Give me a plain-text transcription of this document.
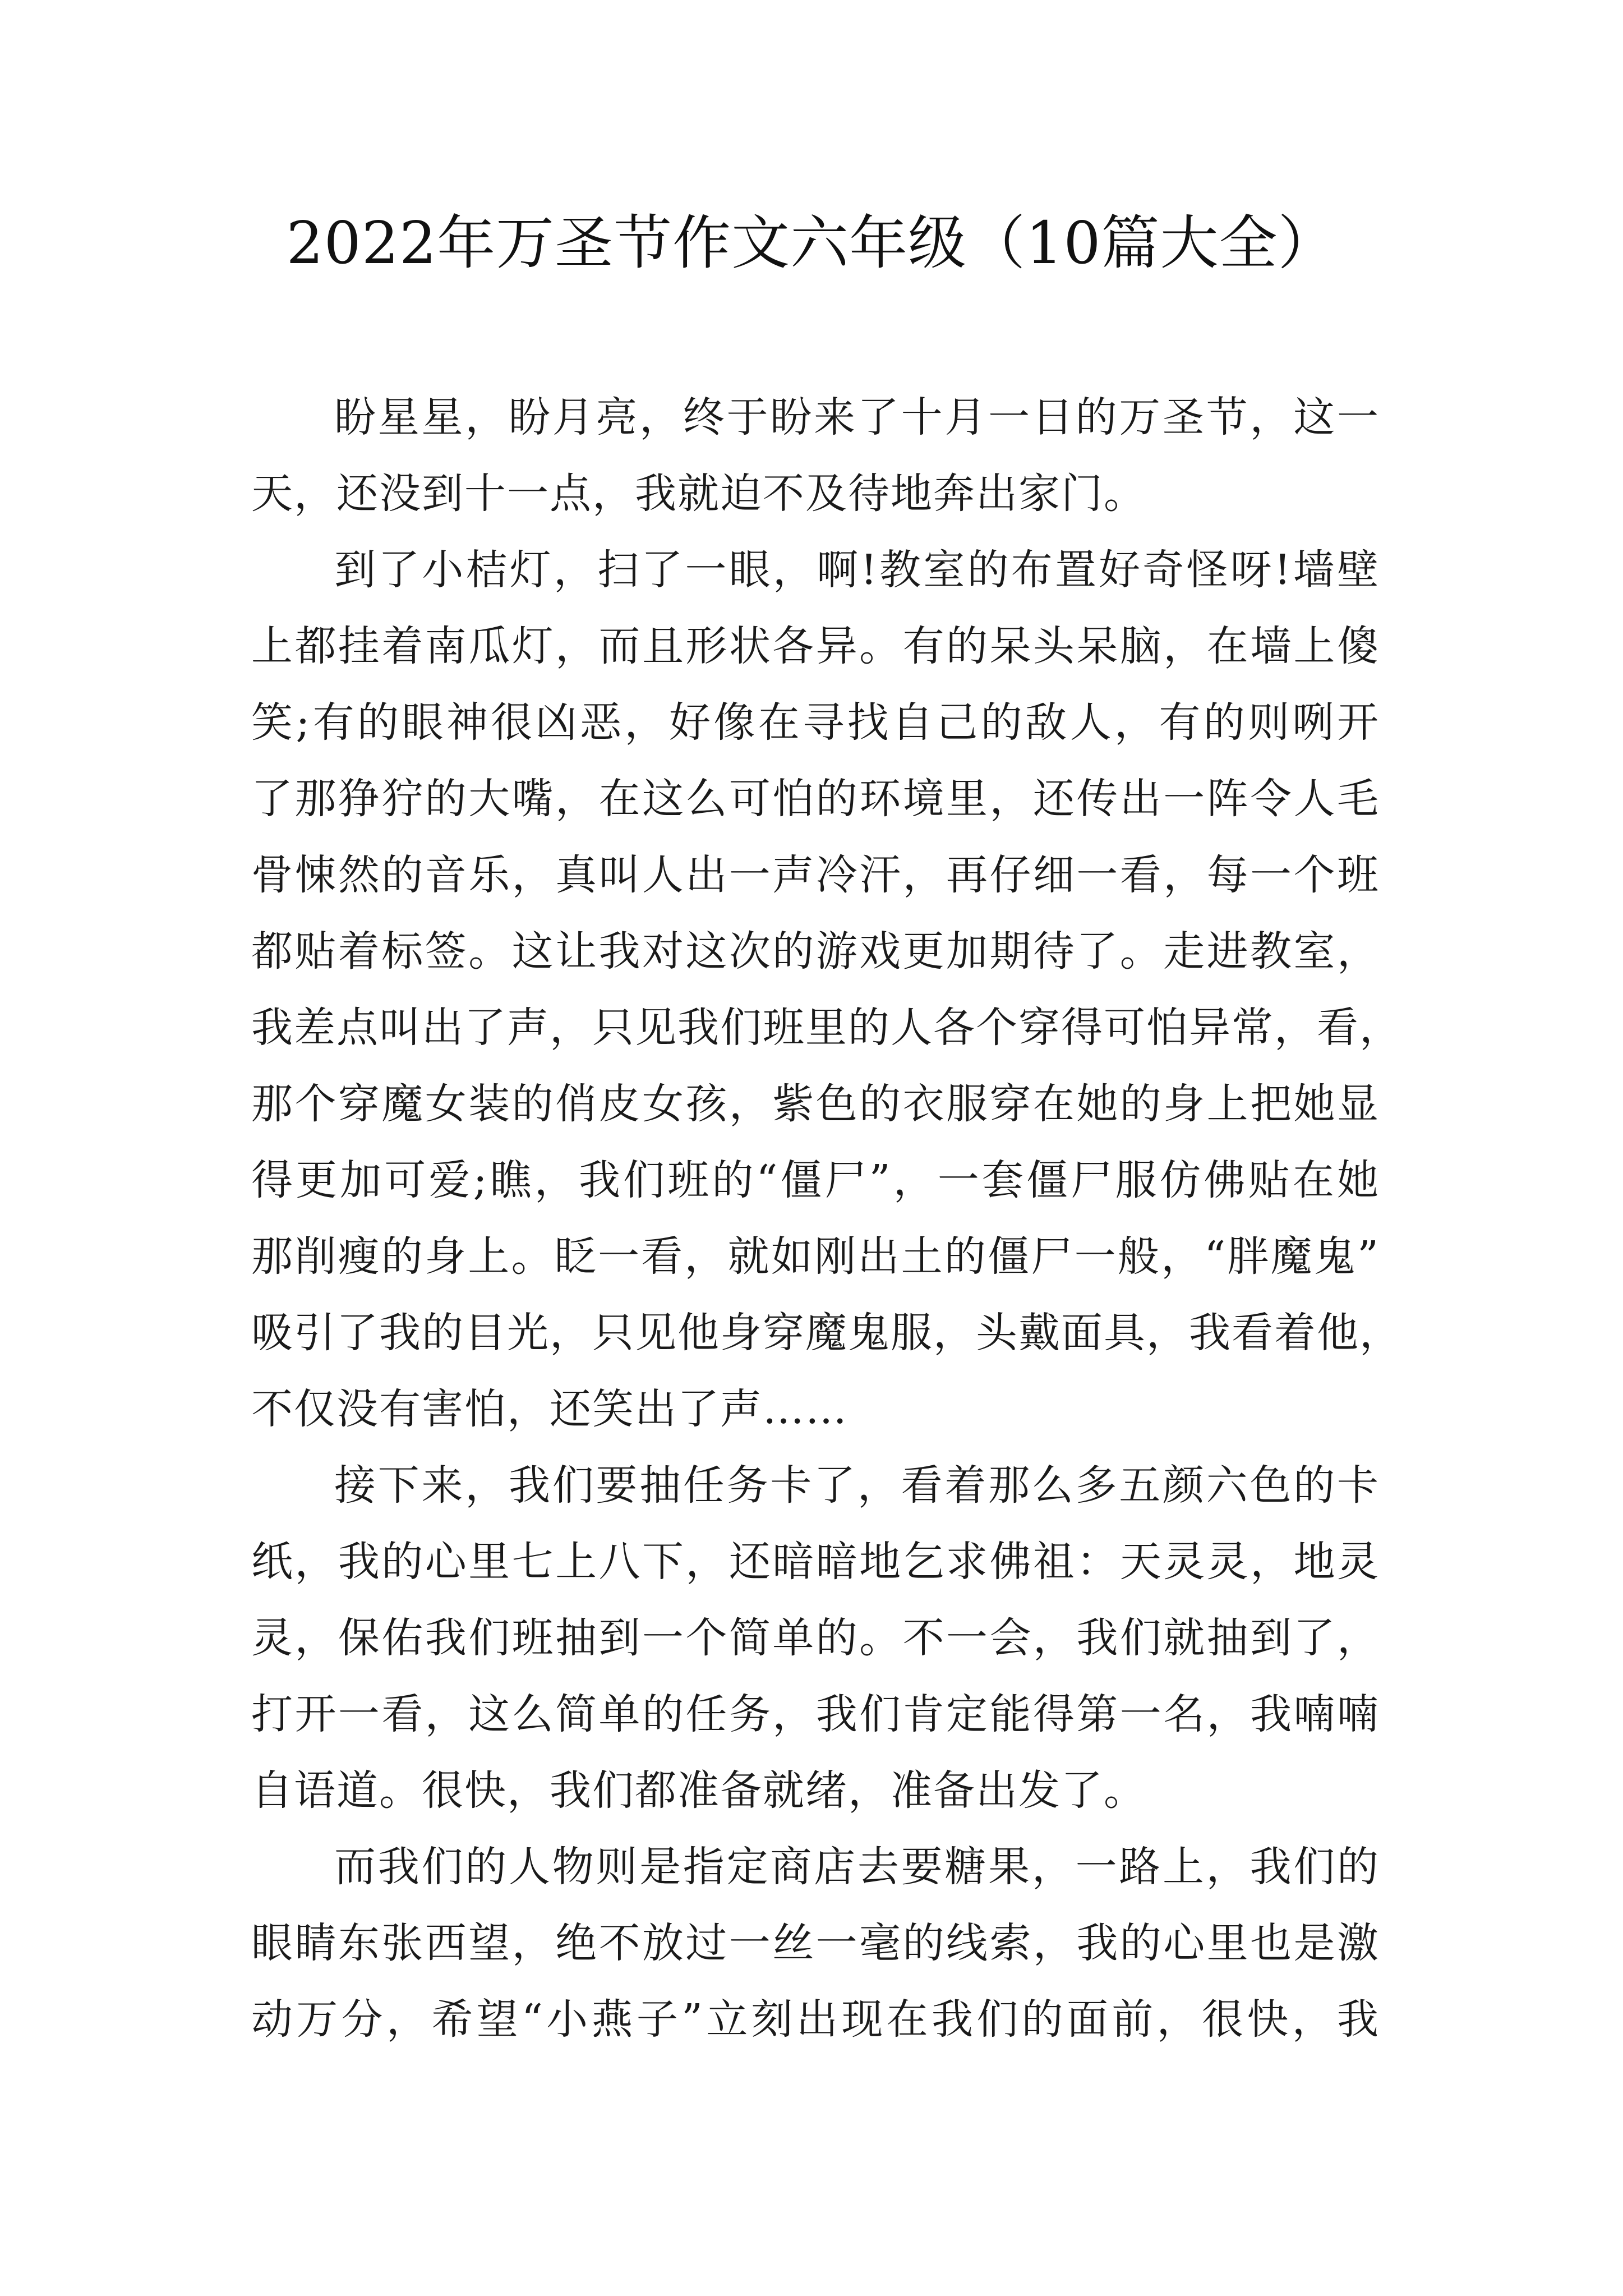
2022年万圣节作文六年级（10篇大全）
盼星星，盼月亮，终于盼来了十月一日的万圣节，这一
天，还没到十一点，我就迫不及待地奔出家门。
到了小桔灯，扫了一眼，啊!教室的布置好奇怪呀!墙壁
上都挂着南瓜灯，而且形状各异。有的呆头呆脑，在墙上傻
笑;有的眼神很凶恶，好像在寻找自己的敌人，有的则咧开
了那狰狞的大嘴，在这么可怕的环境里，还传出一阵令人毛
骨悚然的音乐，真叫人出一声冷汗，再仔细一看，每一个班
都贴着标签。这让我对这次的游戏更加期待了。走进教室，
我差点叫出了声，只见我们班里的人各个穿得可怕异常，看，
那个穿魔女装的俏皮女孩，紫色的衣服穿在她的身上把她显
得更加可爱;瞧，我们班的“僵尸”，一套僵尸服仿佛贴在她
那削瘦的身上。眨一看，就如刚出土的僵尸一般，“胖魔鬼”
吸引了我的目光，只见他身穿魔鬼服，头戴面具，我看着他，
不仅没有害怕，还笑出了声……
接下来，我们要抽任务卡了，看着那么多五颜六色的卡
纸，我的心里七上八下，还暗暗地乞求佛祖：天灵灵，地灵
灵，保佑我们班抽到一个简单的。不一会，我们就抽到了，
打开一看，这么简单的任务，我们肯定能得第一名，我喃喃
自语道。很快，我们都准备就绪，准备出发了。
而我们的人物则是指定商店去要糖果，一路上，我们的
眼睛东张西望，绝不放过一丝一毫的线索，我的心里也是激
动万分，希望“小燕子”立刻出现在我们的面前，很快，我
